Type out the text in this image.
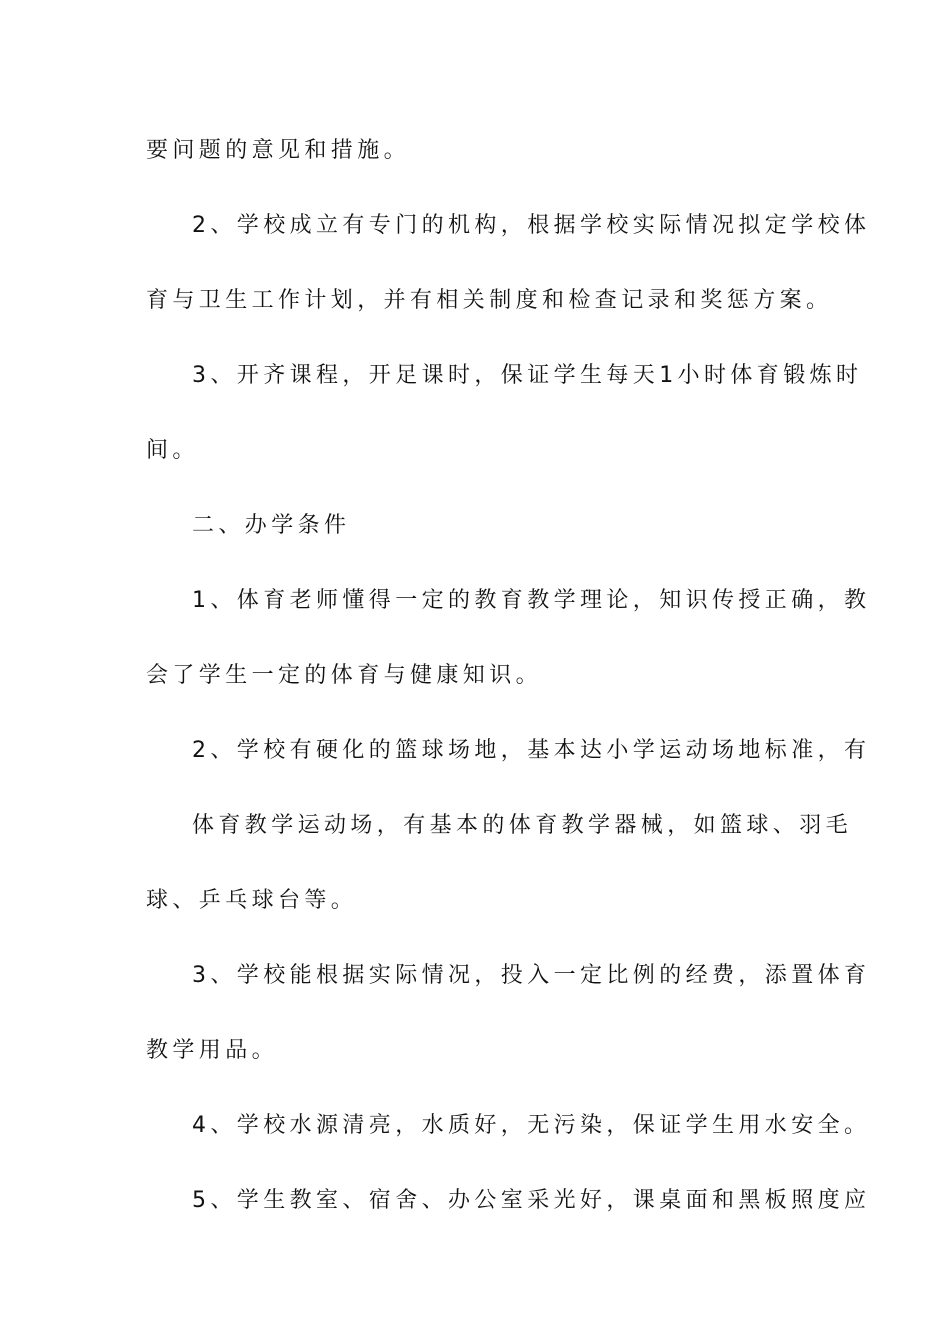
要问题的意见和措施。
2、学校成立有专门的机构，根据学校实际情况拟定学校体
育与卫生工作计划，并有相关制度和检查记录和奖惩方案。
3、开齐课程，开足课时，保证学生每天1小时体育锻炼时
间。
二、办学条件
1、体育老师懂得一定的教育教学理论，知识传授正确，教
会了学生一定的体育与健康知识。
2、学校有硬化的篮球场地，基本达小学运动场地标准，有
体育教学运动场，有基本的体育教学器械，如篮球、羽毛
球、乒乓球台等。
3、学校能根据实际情况，投入一定比例的经费，添置体育
教学用品。
4、学校水源清亮，水质好，无污染，保证学生用水安全。
5、学生教室、宿舍、办公室采光好，课桌面和黑板照度应
